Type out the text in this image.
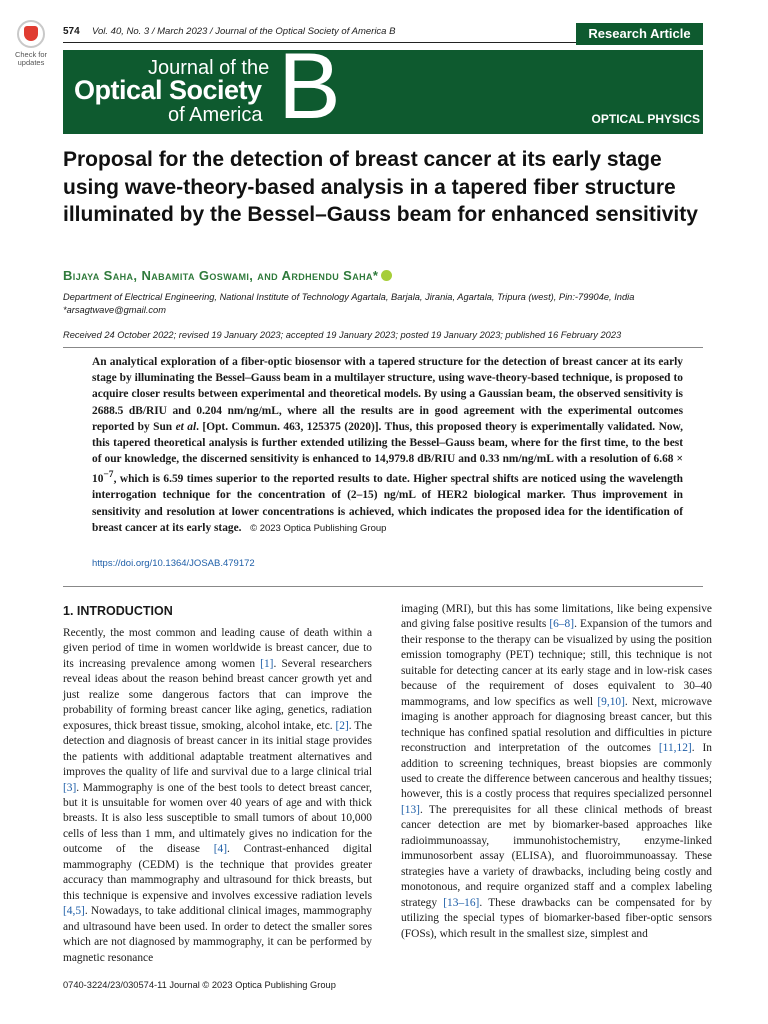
Check for updates
574 Vol. 40, No. 3 / March 2023 / Journal of the Optical Society of America B	Research Article
Journal of the
Optical Society
of America B	OPTICAL PHYSICS
Proposal for the detection of breast cancer at its early stage using wave-theory-based analysis in a tapered fiber structure illuminated by the Bessel–Gauss beam for enhanced sensitivity
Bijaya Saha, Nabamita Goswami, and Ardhendu Saha*
Department of Electrical Engineering, National Institute of Technology Agartala, Barjala, Jirania, Agartala, Tripura (west), Pin:-79904e, India
*arsagtwave@gmail.com
Received 24 October 2022; revised 19 January 2023; accepted 19 January 2023; posted 19 January 2023; published 16 February 2023

An analytical exploration of a fiber-optic biosensor with a tapered structure for the detection of breast cancer at its early stage by illuminating the Bessel–Gauss beam in a multilayer structure, using wave-theory-based technique, is proposed to acquire closer results between experimental and theoretical models. By using a Gaussian beam, the observed sensitivity is 2688.5 dB/RIU and 0.204 nm/ng/mL, where all the results are in good agreement with the experimental outcomes reported by Sun et al. [Opt. Commun. 463, 125375 (2020)]. Thus, this proposed theory is experimentally validated. Now, this tapered theoretical analysis is further extended utilizing the Bessel–Gauss beam, where for the first time, to the best of our knowledge, the discerned sensitivity is enhanced to 14,979.8 dB/RIU and 0.33 nm/ng/mL with a resolution of $6.68 \times 10^{-7}$, which is 6.59 times superior to the reported results to date. Higher spectral shifts are noticed using the wavelength interrogation technique for the concentration of (2–15) ng/mL of HER2 biological marker. Thus improvement in sensitivity and resolution at lower concentrations is achieved, which indicates the proposed idea for the identification of breast cancer at its early stage. © 2023 Optica Publishing Group

https://doi.org/10.1364/JOSAB.479172
1. INTRODUCTION

Recently, the most common and leading cause of death within a given period of time in women worldwide is breast cancer, due to its increasing prevalence among women [1]. Several researchers reveal ideas about the reason behind breast cancer growth yet and just realize some dangerous factors that can improve the probability of forming breast cancer like aging, genetics, radiation exposures, thick breast tissue, smoking, alcohol intake, etc. [2]. The detection and diagnosis of breast cancer in its initial stage provides the patients with additional adaptable treatment alternatives and improves the quality of life and survival due to a large clinical trial [3]. Mammography is one of the best tools to detect breast cancer, but it is unsuitable for women over 40 years of age and with thick breasts. It is also less susceptible to small tumors of about 10,000 cells of less than 1 mm, and ultimately gives no indication for the outcome of the disease [4]. Contrast-enhanced digital mammography (CEDM) is the technique that provides greater accuracy than mammography and ultrasound for thick breasts, but this technique is expensive and involves excessive radiation levels [4,5]. Nowadays, to take additional clinical images, mammography and ultrasound have been used. In order to detect the smaller sores which are not diagnosed by mammography, it can be performed by magnetic resonance

imaging (MRI), but this has some limitations, like being expensive and giving false positive results [6–8]. Expansion of the tumors and their response to the therapy can be visualized by using the position emission tomography (PET) technique; still, this technique is not suitable for detecting cancer at its early stage and in low-risk cases because of the requirement of doses equivalent to 30–40 mammograms, and low specifics as well [9,10]. Next, microwave imaging is another approach for diagnosing breast cancer, but this technique has confined spatial resolution and difficulties in picture reconstruction and interpretation of the outcomes [11,12]. In addition to screening techniques, breast biopsies are commonly used to create the difference between cancerous and healthy tissues; however, this is a costly process that requires specialized personnel [13]. The prerequisites for all these clinical methods of breast cancer detection are met by biomarker-based approaches like radioimmunoassay, immunohistochemistry, enzyme-linked immunosorbent assay (ELISA), and fluoroimmunoassay. These strategies have a variety of drawbacks, including being costly and monotonous, and require organized staff and a complex labeling strategy [13–16]. These drawbacks can be compensated for by utilizing the special types of biomarker-based fiber-optic sensors (FOSs), which result in the smallest size, simplest and

0740-3224/23/030574-11 Journal © 2023 Optica Publishing Group
